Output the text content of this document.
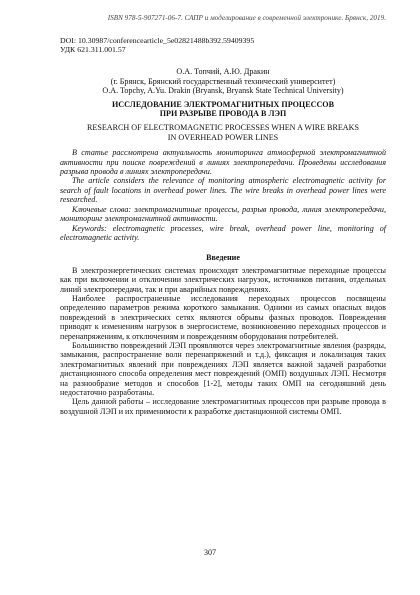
ISBN 978-5-907271-06-7. САПР и моделирование в современной электронике. Брянск, 2019.
DOI: 10.30987/conferencearticle_5e02821488b392.59409395
УДК 621.311.001.57
О.А. Топчий, А.Ю. Дракин
(г. Брянск, Брянский государственный технический университет)
O.A. Topchy, A.Yu. Drakin (Bryansk, Bryansk State Technical University)
ИССЛЕДОВАНИЕ ЭЛЕКТРОМАГНИТНЫХ ПРОЦЕССОВ
ПРИ РАЗРЫВЕ ПРОВОДА В ЛЭП
RESEARCH OF ELECTROMAGNETIC PROCESSES WHEN A WIRE BREAKS
IN OVERHEAD POWER LINES

В статье рассмотрена актуальность мониторинга атмосферной электромагнитной активности при поиске повреждений в линиях электропередачи. Проведены исследования разрыва провода в линиях электропередачи.

The article considers the relevance of monitoring atmospheric electromagnetic activity for search of fault locations in overhead power lines. The wire breaks in overhead power lines were researched.

Ключевые слова: электромагнитные процессы, разрыв провода, линия электропередачи, мониторинг электромагнитной активности.

Keywords: electromagnetic processes, wire break, overhead power line, monitoring of electromagnetic activity.

Введение

В электроэнергетических системах происходят электромагнитные переходные процессы как при включении и отключении электрических нагрузок, источников питания, отдельных линий электропередачи, так и при аварийных повреждениях.

Наиболее распространенные исследования переходных процессов посвящены определению параметров режима короткого замыкания. Одними из самых опасных видов повреждений в электрических сетях являются обрывы фазных проводов. Повреждения приводят к изменениям нагрузок в энергосистеме, возникновению переходных процессов и перенапряжениям, к отключениям и повреждениям оборудования потребителей.

Большинство повреждений ЛЭП проявляются через электромагнитные явления (разряды, замыкания, распространение волн перенапряжений и т.д.), фиксация и локализация таких электромагнитных явлений при повреждениях ЛЭП является важной задачей разработки дистанционного способа определения мест повреждений (ОМП) воздушных ЛЭП. Несмотря на разнообразие методов и способов [1-2], методы таких ОМП на сегодняшний день недостаточно разработаны.

Цель данной работы – исследование электромагнитных процессов при разрыве провода в воздушной ЛЭП и их применимости к разработке дистанционной системы ОМП.

307
